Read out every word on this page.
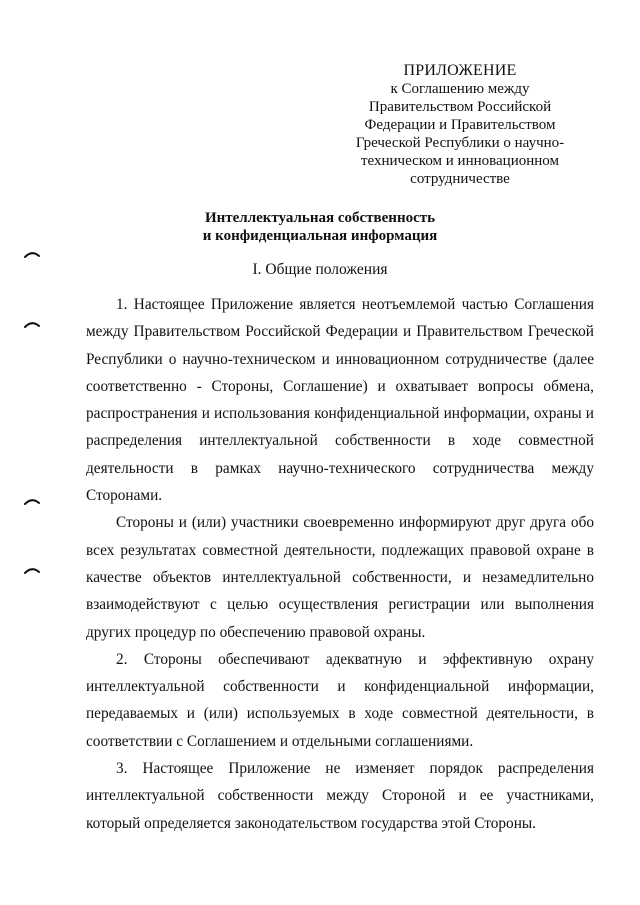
ПРИЛОЖЕНИЕ
к Соглашению между
Правительством Российской
Федерации и Правительством
Греческой Республики о научно-
техническом и инновационном
сотрудничестве
Интеллектуальная собственность
и конфиденциальная информация
I. Общие положения

1. Настоящее Приложение является неотъемлемой частью Соглашения между Правительством Российской Федерации и Правительством Греческой Республики о научно-техническом и инновационном сотрудничестве (далее соответственно - Стороны, Соглашение) и охватывает вопросы обмена, распространения и использования конфиденциальной информации, охраны и распределения интеллектуальной собственности в ходе совместной деятельности в рамках научно-технического сотрудничества между Сторонами.

Стороны и (или) участники своевременно информируют друг друга обо всех результатах совместной деятельности, подлежащих правовой охране в качестве объектов интеллектуальной собственности, и незамедлительно взаимодействуют с целью осуществления регистрации или выполнения других процедур по обеспечению правовой охраны.

2. Стороны обеспечивают адекватную и эффективную охрану интеллектуальной собственности и конфиденциальной информации, передаваемых и (или) используемых в ходе совместной деятельности, в соответствии с Соглашением и отдельными соглашениями.

3. Настоящее Приложение не изменяет порядок распределения интеллектуальной собственности между Стороной и ее участниками, который определяется законодательством государства этой Стороны.
